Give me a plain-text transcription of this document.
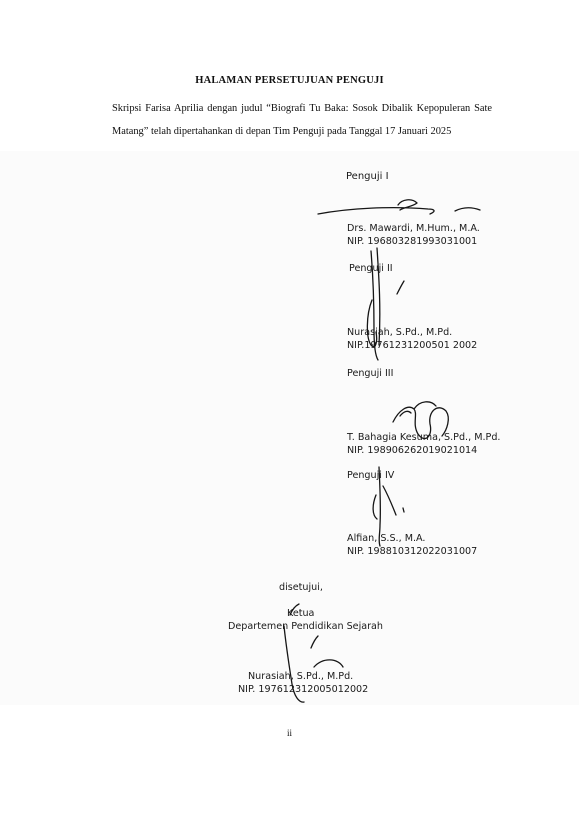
HALAMAN PERSETUJUAN PENGUJI
Skripsi Farisa Aprilia dengan judul “Biografi Tu Baka: Sosok Dibalik Kepopuleran Sate Matang” telah dipertahankan di depan Tim Penguji pada Tanggal 17 Januari 2025
Penguji I
Drs. Mawardi, M.Hum., M.A.
NIP. 196803281993031001
Penguji II
Nurasiah, S.Pd., M.Pd.
NIP.19761231200501 2002
Penguji III
T. Bahagia Kesuma, S.Pd., M.Pd.
NIP. 198906262019021014
Penguji IV
Alfian, S.S., M.A.
NIP. 198810312022031007
disetujui,
Ketua
Departemen Pendidikan Sejarah
Nurasiah, S.Pd., M.Pd.
NIP. 197612312005012002
ii
